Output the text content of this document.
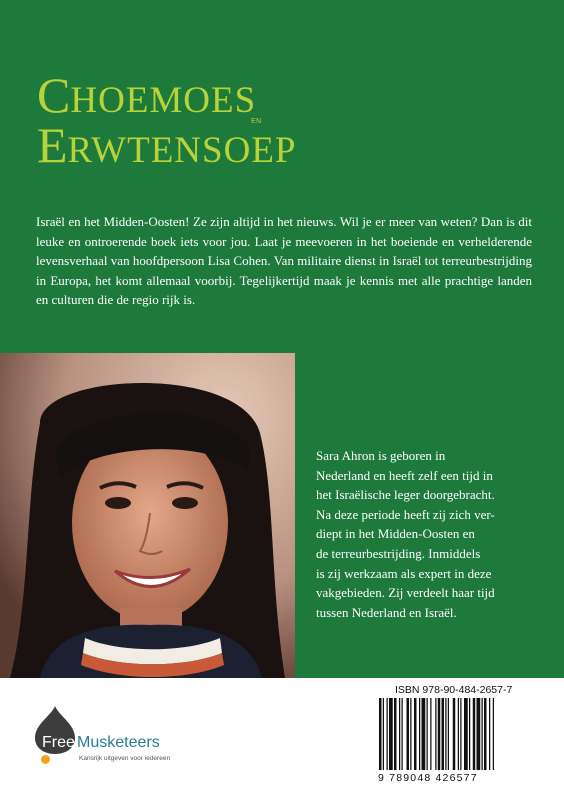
CHOEMOES
EN
ERWTENSOEP

Israël en het Midden-Oosten! Ze zijn altijd in het nieuws. Wil je er meer van weten? Dan is dit leuke en ontroerende boek iets voor jou. Laat je meevoeren in het boeiende en verhelderende levensverhaal van hoofdpersoon Lisa Cohen. Van militaire dienst in Israël tot terreurbestrijding in Europa, het komt allemaal voorbij. Tegelijkertijd maak je kennis met alle prachtige landen en culturen die de regio rijk is.

Sara Ahron is geboren in
Nederland en heeft zelf een tijd in
het Israëlische leger doorgebracht.
Na deze periode heeft zij zich ver-
diept in het Midden-Oosten en
de terreurbestrijding. Inmiddels
is zij werkzaam als expert in deze
vakgebieden. Zij verdeelt haar tijd
tussen Nederland en Israël.
Free Musketeers
Kansrijk uitgeven voor iedereen
ISBN 978-90-484-2657-7
9 789048 426577
